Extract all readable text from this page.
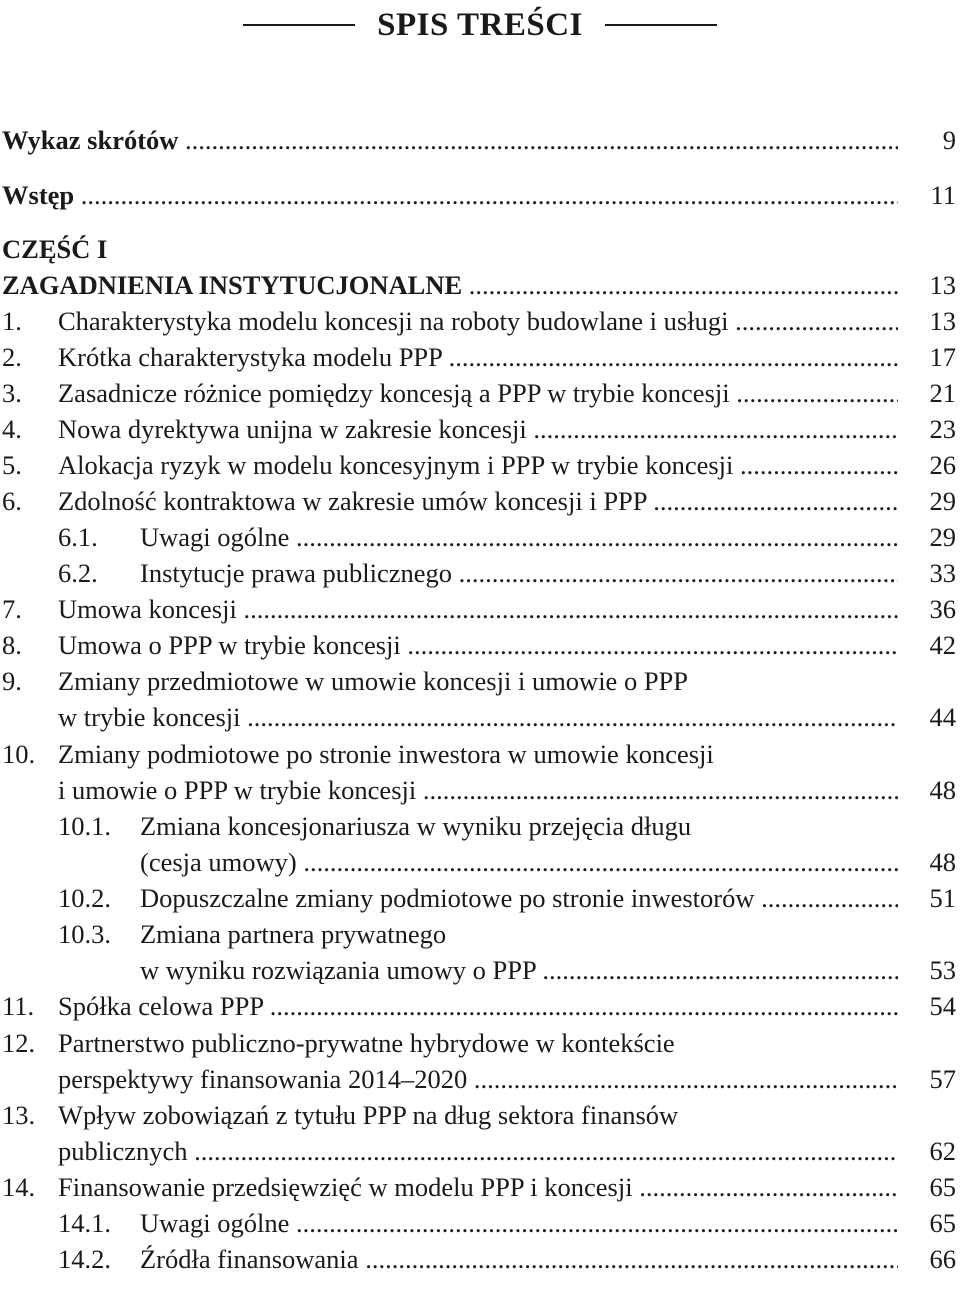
SPIS TREŚCI
Wykaz skrótów .....	9
Wstęp .....	11
CZĘŚĆ I
ZAGADNIENIA INSTYTUCJONALNE .....	13
1. Charakterystyka modelu koncesji na roboty budowlane i usługi .....	13
2. Krótka charakterystyka modelu PPP .....	17
3. Zasadnicze różnice pomiędzy koncesją a PPP w trybie koncesji .....	21
4. Nowa dyrektywa unijna w zakresie koncesji .....	23
5. Alokacja ryzyk w modelu koncesyjnym i PPP w trybie koncesji .....	26
6. Zdolność kontraktowa w zakresie umów koncesji i PPP .....	29
6.1. Uwagi ogólne .....	29
6.2. Instytucje prawa publicznego .....	33
7. Umowa koncesji .....	36
8. Umowa o PPP w trybie koncesji .....	42
9. Zmiany przedmiotowe w umowie koncesji i umowie o PPP
w trybie koncesji .....	44
10. Zmiany podmiotowe po stronie inwestora w umowie koncesji
i umowie o PPP w trybie koncesji .....	48
10.1. Zmiana koncesjonariusza w wyniku przejęcia długu
(cesja umowy) .....	48
10.2. Dopuszczalne zmiany podmiotowe po stronie inwestorów .....	51
10.3. Zmiana partnera prywatnego
w wyniku rozwiązania umowy o PPP .....	53
11. Spółka celowa PPP .....	54
12. Partnerstwo publiczno-prywatne hybrydowe w kontekście
perspektywy finansowania 2014–2020 .....	57
13. Wpływ zobowiązań z tytułu PPP na dług sektora finansów
publicznych .....	62
14. Finansowanie przedsięwzięć w modelu PPP i koncesji .....	65
14.1. Uwagi ogólne .....	65
14.2. Źródła finansowania .....	66
